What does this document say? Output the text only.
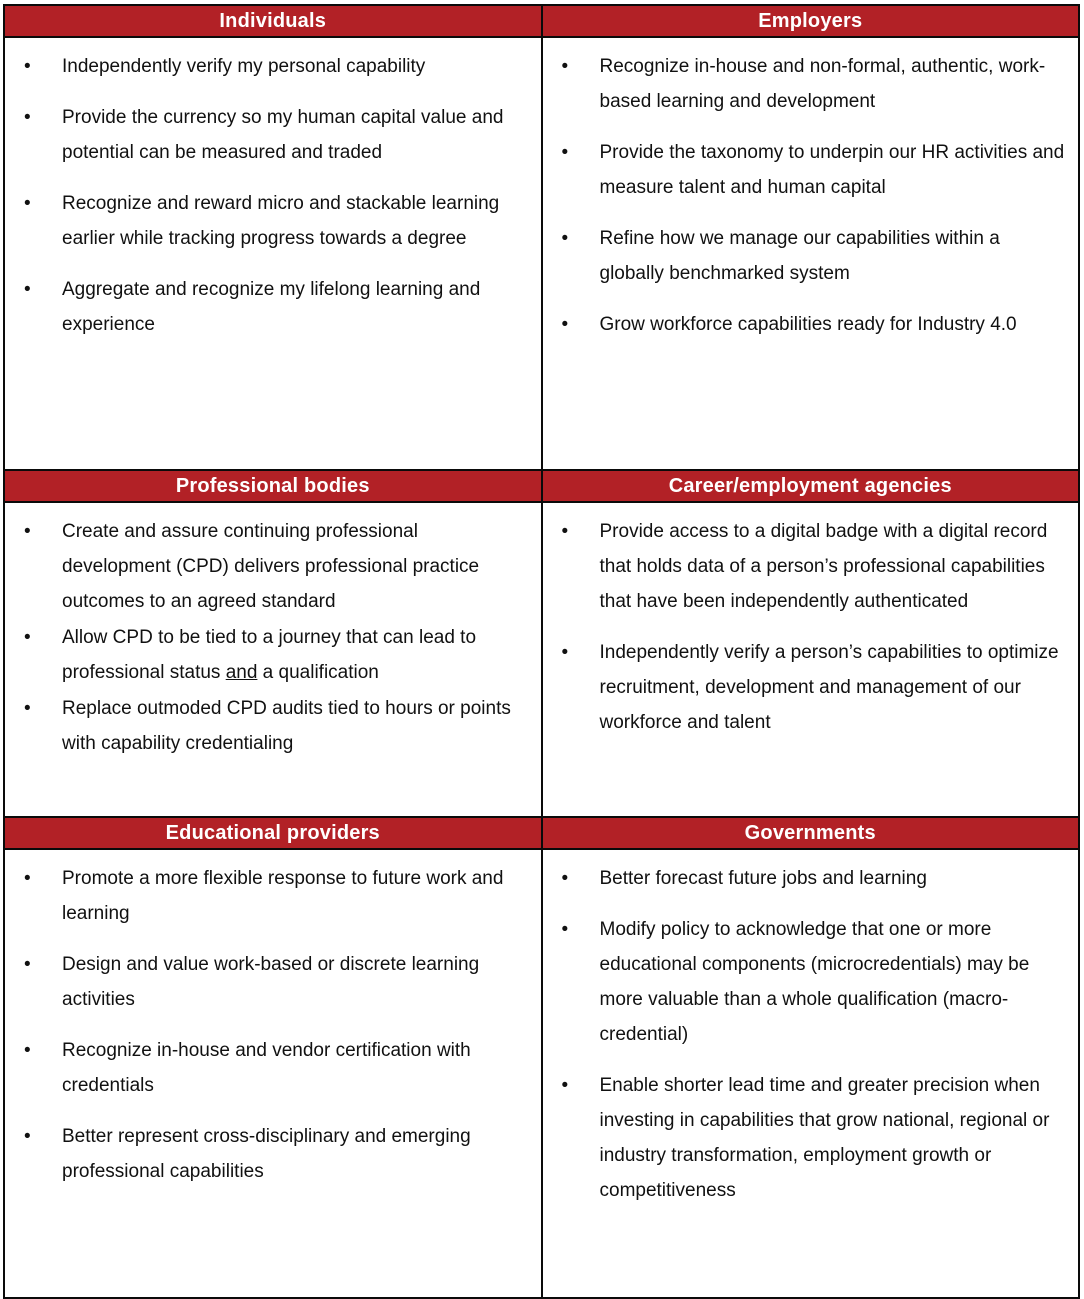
Individuals	Employers

• Independently verify my personal capability
• Provide the currency so my human capital value and potential can be measured and traded
• Recognize and reward micro and stackable learning earlier while tracking progress towards a degree
• Aggregate and recognize my lifelong learning and experience

• Recognize in-house and non-formal, authentic, work-based learning and development
• Provide the taxonomy to underpin our HR activities and measure talent and human capital
• Refine how we manage our capabilities within a globally benchmarked system
• Grow workforce capabilities ready for Industry 4.0

Professional bodies	Career/employment agencies

• Create and assure continuing professional development (CPD) delivers professional practice outcomes to an agreed standard
• Allow CPD to be tied to a journey that can lead to professional status and a qualification
• Replace outmoded CPD audits tied to hours or points with capability credentialing

• Provide access to a digital badge with a digital record that holds data of a person’s professional capabilities that have been independently authenticated
• Independently verify a person’s capabilities to optimize recruitment, development and management of our workforce and talent

Educational providers	Governments

• Promote a more flexible response to future work and learning
• Design and value work-based or discrete learning activities
• Recognize in-house and vendor certification with credentials
• Better represent cross-disciplinary and emerging professional capabilities

• Better forecast future jobs and learning
• Modify policy to acknowledge that one or more educational components (microcredentials) may be more valuable than a whole qualification (macro-credential)
• Enable shorter lead time and greater precision when investing in capabilities that grow national, regional or industry transformation, employment growth or competitiveness
